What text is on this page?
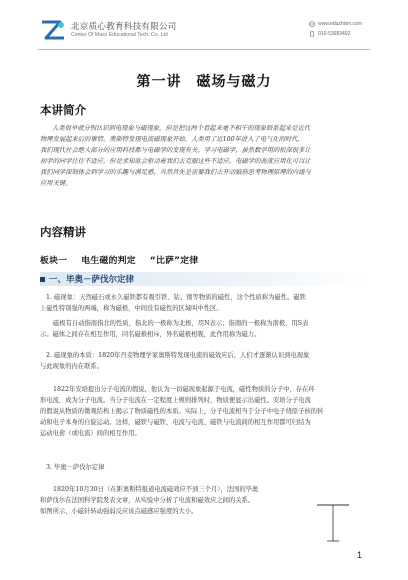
北京质心教育科技有限公司
Center Of Mass Educational Tech. Co. Ltd
www.eduzhixin.com
010-53683402
第一讲　磁场与磁力
本讲简介
人类很早就分别认识到电现象与磁现象，但是把这两个看起来毫不相干的现象联系起来是近代
物理发展起来后的事情。奥斯特发现电流磁现象开始，人类用了近100年进入了电气化的时代，
我们现代社会绝大部分的应用科技都与电磁学的发现有关。学习电磁学，虽然数学用的很深很多让
初学的同学往往不适应，但是求知欲会驱动着我们去克服这些不适应。电磁学的高度应用化可以让
我们同学深刻体会到学习的乐趣与满足感，当然首先是需要我们去开动脑筋思考物理原理的内涵与
应用关键。
内容精讲
板块一 电生磁的判定 “比萨”定律
一、毕奥－萨伐尔定律
1. 磁现象：天然磁石或永久磁铁都有吸引铁、钴、镍等物质的磁性，这个性质称为磁性。磁铁
上磁性特别强的两端，称为磁极，中间没有磁性的区域叫中性区。
磁极有自动指南指北的性质，指北的一极称为北极，用N表示；指南的一极称为南极，用S表
示。磁体之间存在相互作用，同名磁极相斥，异名磁极相吸，此作用称为磁力。
2. 磁现象的本质：1820年丹麦物理学家奥斯特发现电流的磁效应后，人们才逐渐认识到电现象
与此现象的内在联系。
1822年安培提出分子电流的假说，他认为一切磁现象起源于电流，磁性物质的分子中，存在环
形电流，成为分子电流。当分子电流在一定程度上规则排列时，物质便显示出磁性。安培分子电流
的假说从物质的微观结构上揭示了物质磁性的本质。实际上，分子电流相当于分子中电子绕原子核的转
动和电子本身的自旋运动。这样，磁铁与磁铁、电流与电流、磁铁与电流间的相互作用都可归结为
运动电荷（或电流）间的相互作用。
3. 毕奥－萨伐尔定律
1820年10月30日（在距奥斯特报道电流磁效应不到三个月），法国的毕奥
和萨伐尔在法国科学院发表文章，从实验中分析了电流和磁效应之间的关系。
如图所示，小磁针转动强弱反应该点磁感应强度的大小。
1
